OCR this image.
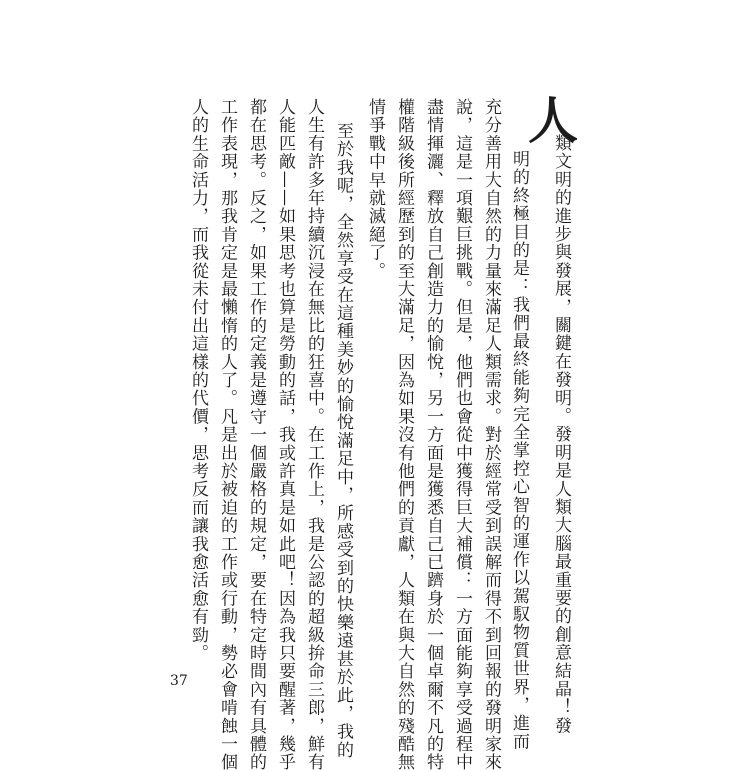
人
類文明的進步與發展，關鍵在發明。發明是人類大腦最重要的創意結晶！發
明的終極目的是：我們最終能夠完全掌控心智的運作以駕馭物質世界，進而
充分善用大自然的力量來滿足人類需求。對於經常受到誤解而得不到回報的發明家來
說，這是一項艱巨挑戰。但是，他們也會從中獲得巨大補償：一方面能夠享受過程中
盡情揮灑、釋放自己創造力的愉悅，另一方面是獲悉自己已躋身於一個卓爾不凡的特
權階級後所經歷到的至大滿足，因為如果沒有他們的貢獻，人類在與大自然的殘酷無
情爭戰中早就滅絕了。
至於我呢，全然享受在這種美妙的愉悅滿足中，所感受到的快樂遠甚於此，我的
人生有許多年持續沉浸在無比的狂喜中。在工作上，我是公認的超級拚命三郎，鮮有
人能匹敵——如果思考也算是勞動的話，我或許真是如此吧！因為我只要醒著，幾乎
都在思考。反之，如果工作的定義是遵守一個嚴格的規定，要在特定時間內有具體的
工作表現，那我肯定是最懶惰的人了。凡是出於被迫的工作或行動，勢必會啃蝕一個
人的生命活力，而我從未付出這樣的代價，思考反而讓我愈活愈有勁。
37
